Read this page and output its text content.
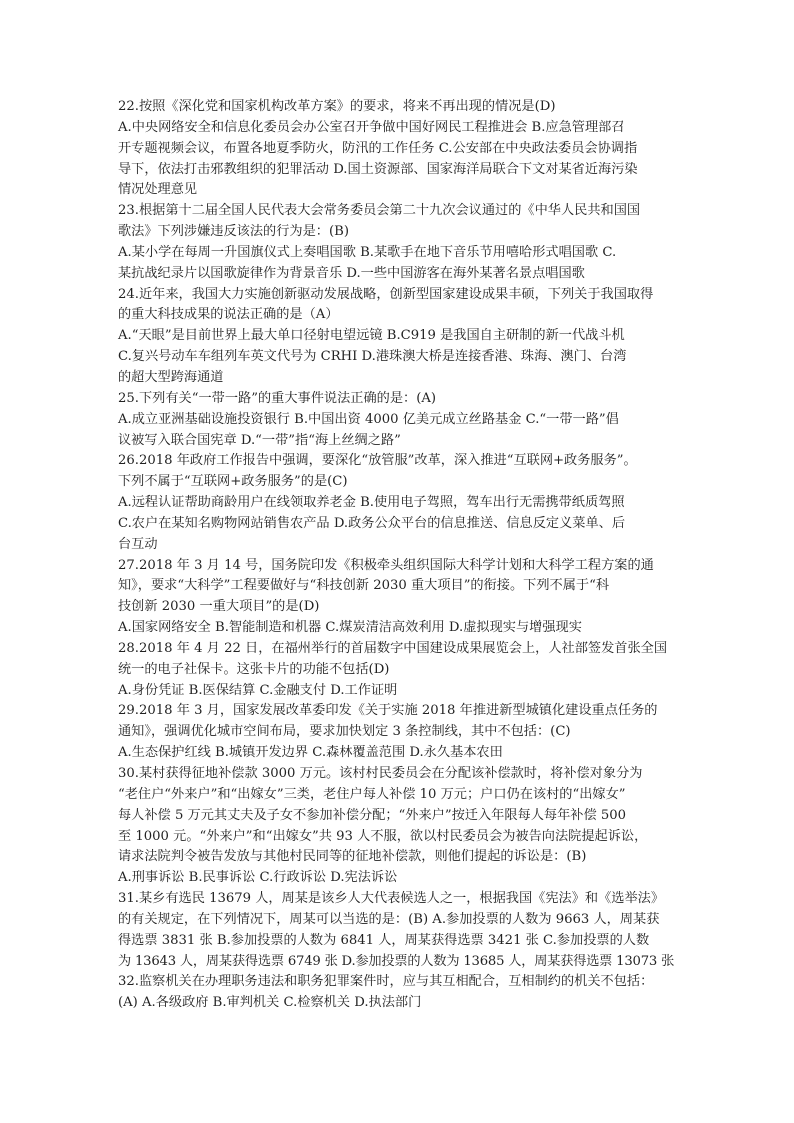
22.按照《深化党和国家机构改革方案》的要求，将来不再出现的情况是(D)
A.中央网络安全和信息化委员会办公室召开争做中国好网民工程推进会 B.应急管理部召
开专题视频会议，布置各地夏季防火，防汛的工作任务 C.公安部在中央政法委员会协调指
导下，依法打击邪教组织的犯罪活动 D.国土资源部、国家海洋局联合下文对某省近海污染
情况处理意见
23.根据第十二届全国人民代表大会常务委员会第二十九次会议通过的《中华人民共和国国
歌法》下列涉嫌违反该法的行为是：(B)
A.某小学在每周一升国旗仪式上奏唱国歌 B.某歌手在地下音乐节用嘻哈形式唱国歌 C.
某抗战纪录片以国歌旋律作为背景音乐 D.一些中国游客在海外某著名景点唱国歌
24.近年来，我国大力实施创新驱动发展战略，创新型国家建设成果丰硕，下列关于我国取得
的重大科技成果的说法正确的是（A）
A.“天眼”是目前世界上最大单口径射电望远镜 B.C919 是我国自主研制的新一代战斗机
C.复兴号动车车组列车英文代号为 CRHI D.港珠澳大桥是连接香港、珠海、澳门、台湾
的超大型跨海通道
25.下列有关“一带一路”的重大事件说法正确的是：(A)
A.成立亚洲基础设施投资银行 B.中国出资 4000 亿美元成立丝路基金 C.“一带一路”倡
议被写入联合国宪章 D.“一带”指“海上丝绸之路”
26.2018 年政府工作报告中强调，要深化“放管服”改革，深入推进“互联网+政务服务”。
下列不属于“互联网+政务服务”的是(C)
A.远程认证帮助商龄用户在线领取养老金 B.使用电子驾照，驾车出行无需携带纸质驾照
C.农户在某知名购物网站销售农产品 D.政务公众平台的信息推送、信息反定义菜单、后
台互动
27.2018 年 3 月 14 号，国务院印发《积极牵头组织国际大科学计划和大科学工程方案的通
知》，要求“大科学”工程要做好与“科技创新 2030 重大项目”的衔接。下列不属于“科
技创新 2030 一重大项目”的是(D)
A.国家网络安全 B.智能制造和机器 C.煤炭清洁高效利用 D.虚拟现实与增强现实
28.2018 年 4 月 22 日，在福州举行的首届数字中国建设成果展览会上，人社部签发首张全国
统一的电子社保卡。这张卡片的功能不包括(D)
A.身份凭证 B.医保结算 C.金融支付 D.工作证明
29.2018 年 3 月，国家发展改革委印发《关于实施 2018 年推进新型城镇化建设重点任务的
通知》，强调优化城市空间布局，要求加快划定 3 条控制线，其中不包括：(C)
A.生态保护红线 B.城镇开发边界 C.森林覆盖范围 D.永久基本农田
30.某村获得征地补偿款 3000 万元。该村村民委员会在分配该补偿款时，将补偿对象分为
“老住户“外来户”和“出嫁女”三类，老住户每人补偿 10 万元；户口仍在该村的“出嫁女”
每人补偿 5 万元其丈夫及子女不参加补偿分配；“外来户”按迁入年限每人每年补偿 500
至 1000 元。“外来户”和“出嫁女”共 93 人不服，欲以村民委员会为被告向法院提起诉讼，
请求法院判令被告发放与其他村民同等的征地补偿款，则他们提起的诉讼是：(B)
A.刑事诉讼 B.民事诉讼 C.行政诉讼 D.宪法诉讼
31.某乡有选民 13679 人，周某是该乡人大代表候选人之一，根据我国《宪法》和《选举法》
的有关规定，在下列情况下，周某可以当选的是：(B) A.参加投票的人数为 9663 人，周某获
得选票 3831 张 B.参加投票的人数为 6841 人，周某获得选票 3421 张 C.参加投票的人数
为 13643 人，周某获得选票 6749 张 D.参加投票的人数为 13685 人，周某获得选票 13073 张
32.监察机关在办理职务违法和职务犯罪案件时，应与其互相配合，互相制约的机关不包括：
(A) A.各级政府 B.审判机关 C.检察机关 D.执法部门
